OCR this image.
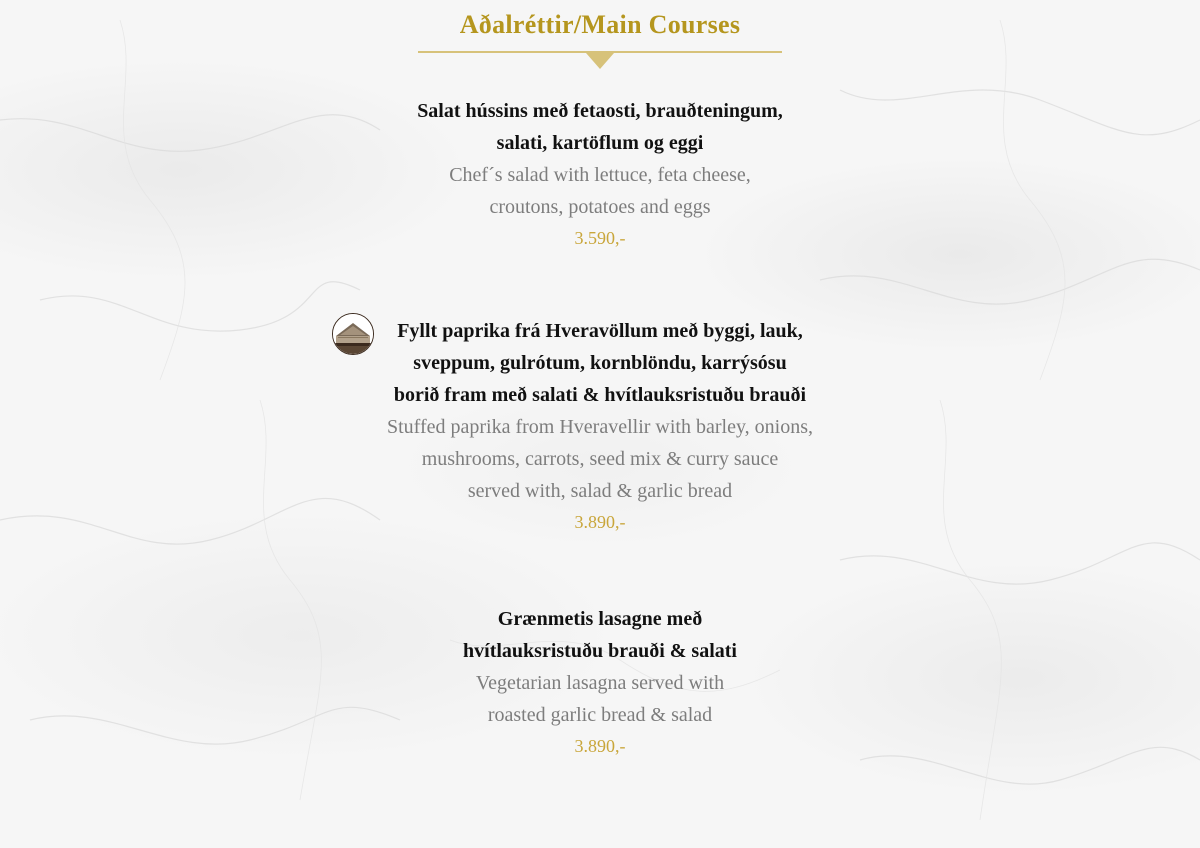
Aðalréttir/Main Courses
Salat hússins með fetaosti, brauðteningum,
salati, kartöflum og eggi
Chef´s salad with lettuce, feta cheese,
croutons, potatoes and eggs
3.590,-
Fyllt paprika frá Hveravöllum með byggi, lauk,
sveppum, gulrótum, kornblöndu, karrýsósu
borið fram með salati & hvítlauksristuðu brauði
Stuffed paprika from Hveravellir with barley, onions,
mushrooms, carrots, seed mix & curry sauce
served with, salad & garlic bread
3.890,-
Grænmetis lasagne með
hvítlauksristuðu brauði & salati
Vegetarian lasagna served with
roasted garlic bread & salad
3.890,-
